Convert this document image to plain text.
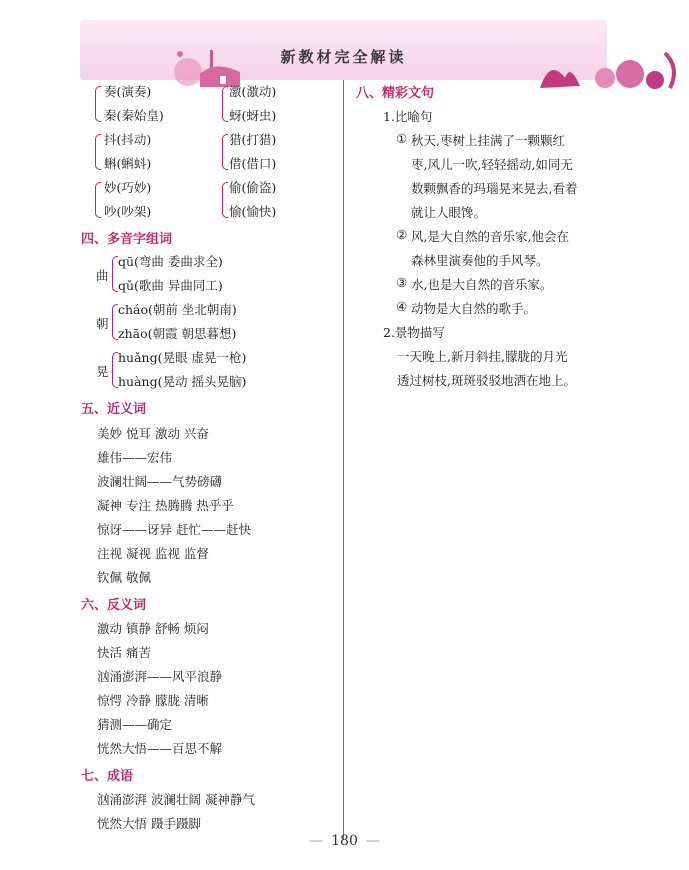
新教材完全解读
奏(演奏)
秦(秦始皇)
激(激动)
蚜(蚜虫)
抖(抖动)
蝌(蝌蚪)
猎(打猎)
借(借口)
妙(巧妙)
吵(吵架)
偷(偷盗)
愉(愉快)
四、多音字组词
曲
qū(弯曲 委曲求全)
qǔ(歌曲 异曲同工)
朝
cháo(朝前 坐北朝南)
zhāo(朝霞 朝思暮想)
晃
huǎng(晃眼 虚晃一枪)
huàng(晃动 摇头晃脑)
五、近义词
美妙 悦耳 激动 兴奋
雄伟——宏伟
波澜壮阔——气势磅礴
凝神 专注 热腾腾 热乎乎
惊讶——讶异 赶忙——赶快
注视 凝视 监视 监督
钦佩 敬佩
六、反义词
激动 镇静 舒畅 烦闷
快活 痛苦
汹涌澎湃——风平浪静
惊愕 冷静 朦胧 清晰
猜测——确定
恍然大悟——百思不解
七、成语
汹涌澎湃 波澜壮阔 凝神静气
恍然大悟 蹑手蹑脚
八、精彩文句
1.比喻句
① 秋天,枣树上挂满了一颗颗红
枣,风儿一吹,轻轻摇动,如同无
数颗飘香的玛瑙晃来晃去,看着
就让人眼馋。
② 风,是大自然的音乐家,他会在
森林里演奏他的手风琴。
③ 水,也是大自然的音乐家。
④ 动物是大自然的歌手。
2.景物描写
一天晚上,新月斜挂,朦胧的月光
透过树枝,斑斑驳驳地洒在地上。
— 180 —
